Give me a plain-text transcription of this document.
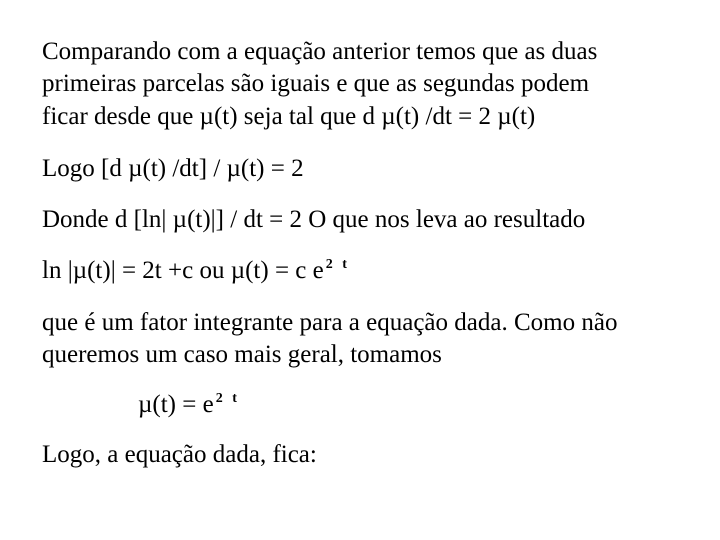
Comparando com a equação anterior temos que as duas
primeiras parcelas são iguais e que as segundas podem
ficar desde que µ(t) seja tal que d µ(t) /dt = 2 µ(t)
Logo [d µ(t) /dt] / µ(t) = 2
Donde d [ln| µ(t)|] / dt = 2 O que nos leva ao resultado
ln |µ(t)| = 2t +c ou µ(t) = c e $^{2 t}$
que é um fator integrante para a equação dada. Como não
queremos um caso mais geral, tomamos
µ(t) = e $^{2 t}$
Logo, a equação dada, fica:
